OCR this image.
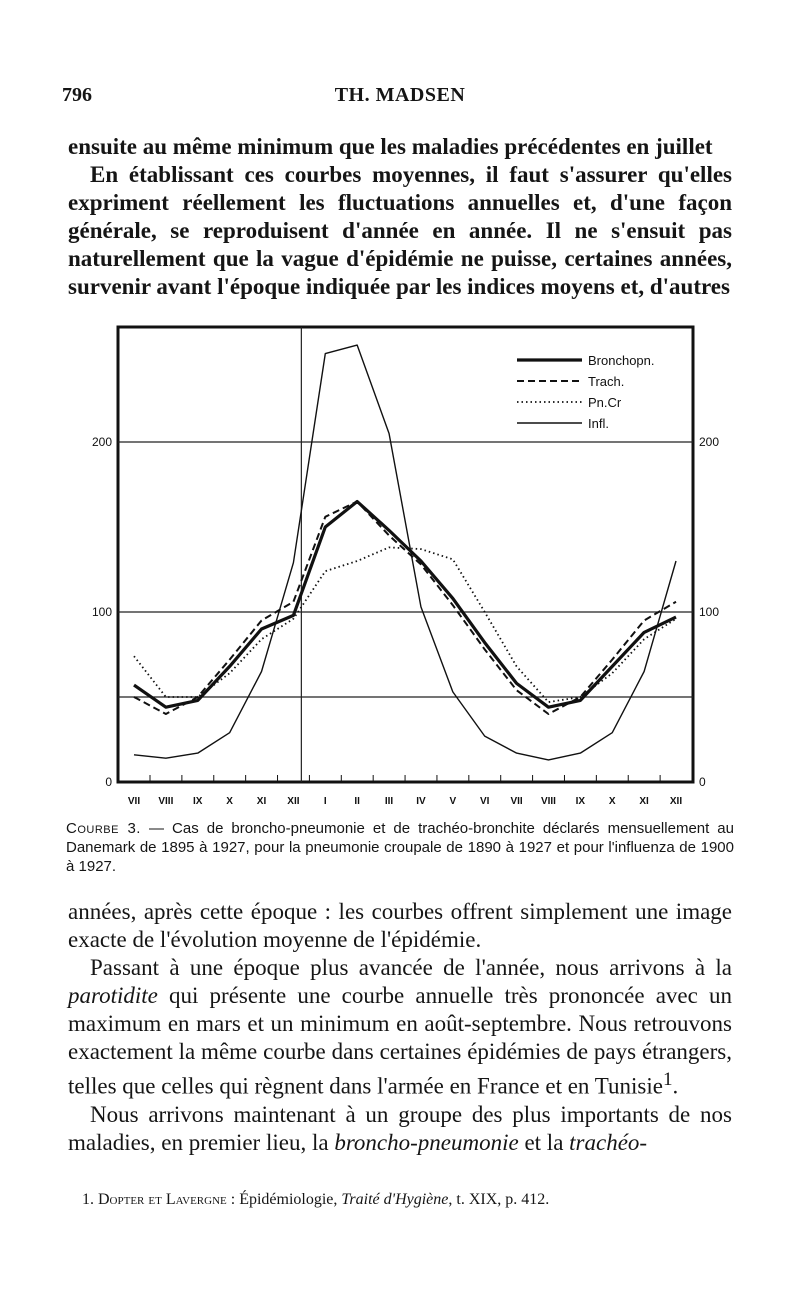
796	TH. MADSEN

ensuite au même minimum que les maladies précédentes en juillet

En établissant ces courbes moyennes, il faut s'assurer qu'elles expriment réellement les fluctuations annuelles et, d'une façon générale, se reproduisent d'année en année. Il ne s'ensuit pas naturellement que la vague d'épidémie ne puisse, certaines années, survenir avant l'époque indiquée par les indices moyens et, d'autres

0	0
100	100
200	200
VII VIII IX X XI XII I	II III IV V VI VII VIII IX X XI XII
Bronchopn.
Trach.
Pn.Cr
Infl.
Courbe 3. — Cas de broncho-pneumonie et de trachéo-bronchite déclarés mensuellement au Danemark de 1895 à 1927, pour la pneumonie croupale de 1890 à 1927 et pour l'influenza de 1900 à 1927.

années, après cette époque : les courbes offrent simplement une image exacte de l'évolution moyenne de l'épidémie.

Passant à une époque plus avancée de l'année, nous arrivons à la parotidite qui présente une courbe annuelle très prononcée avec un maximum en mars et un minimum en août-septembre. Nous retrouvons exactement la même courbe dans certaines épidémies de pays étrangers, telles que celles qui règnent dans l'armée en France et en Tunisie$^1$.

Nous arrivons maintenant à un groupe des plus importants de nos maladies, en premier lieu, la broncho-pneumonie et la trachéo-

1. Dopter et Lavergne : Épidémiologie, Traité d'Hygiène, t. XIX, p. 412.
